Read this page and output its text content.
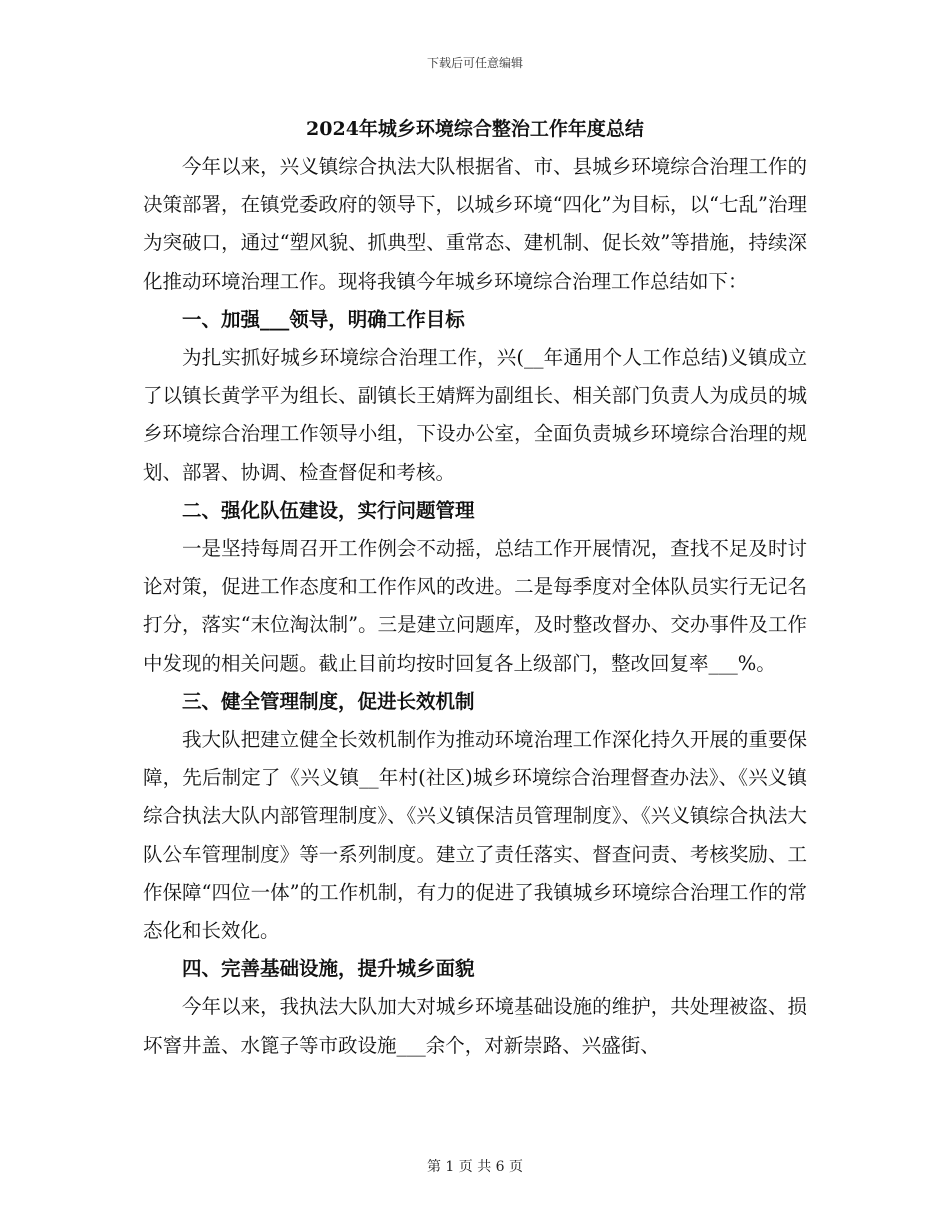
下载后可任意编辑
2024年城乡环境综合整治工作年度总结

今年以来，兴义镇综合执法大队根据省、市、县城乡环境综合治理工作的决策部署，在镇党委政府的领导下，以城乡环境“四化”为目标，以“七乱”治理为突破口，通过“塑风貌、抓典型、重常态、建机制、促长效”等措施，持续深化推动环境治理工作。现将我镇今年城乡环境综合治理工作总结如下：

一、加强___领导，明确工作目标

为扎实抓好城乡环境综合治理工作，兴(__年通用个人工作总结)义镇成立了以镇长黄学平为组长、副镇长王婧辉为副组长、相关部门负责人为成员的城乡环境综合治理工作领导小组，下设办公室，全面负责城乡环境综合治理的规划、部署、协调、检查督促和考核。

二、强化队伍建设，实行问题管理

一是坚持每周召开工作例会不动摇，总结工作开展情况，查找不足及时讨论对策，促进工作态度和工作作风的改进。二是每季度对全体队员实行无记名打分，落实“末位淘汰制”。三是建立问题库，及时整改督办、交办事件及工作中发现的相关问题。截止目前均按时回复各上级部门，整改回复率___%。

三、健全管理制度，促进长效机制

我大队把建立健全长效机制作为推动环境治理工作深化持久开展的重要保障，先后制定了《兴义镇__年村(社区)城乡环境综合治理督查办法》、《兴义镇综合执法大队内部管理制度》、《兴义镇保洁员管理制度》、《兴义镇综合执法大队公车管理制度》等一系列制度。建立了责任落实、督查问责、考核奖励、工作保障“四位一体”的工作机制，有力的促进了我镇城乡环境综合治理工作的常态化和长效化。

四、完善基础设施，提升城乡面貌

今年以来，我执法大队加大对城乡环境基础设施的维护，共处理被盗、损坏窨井盖、水篦子等市政设施___余个，对新崇路、兴盛街、

第 1 页 共 6 页
